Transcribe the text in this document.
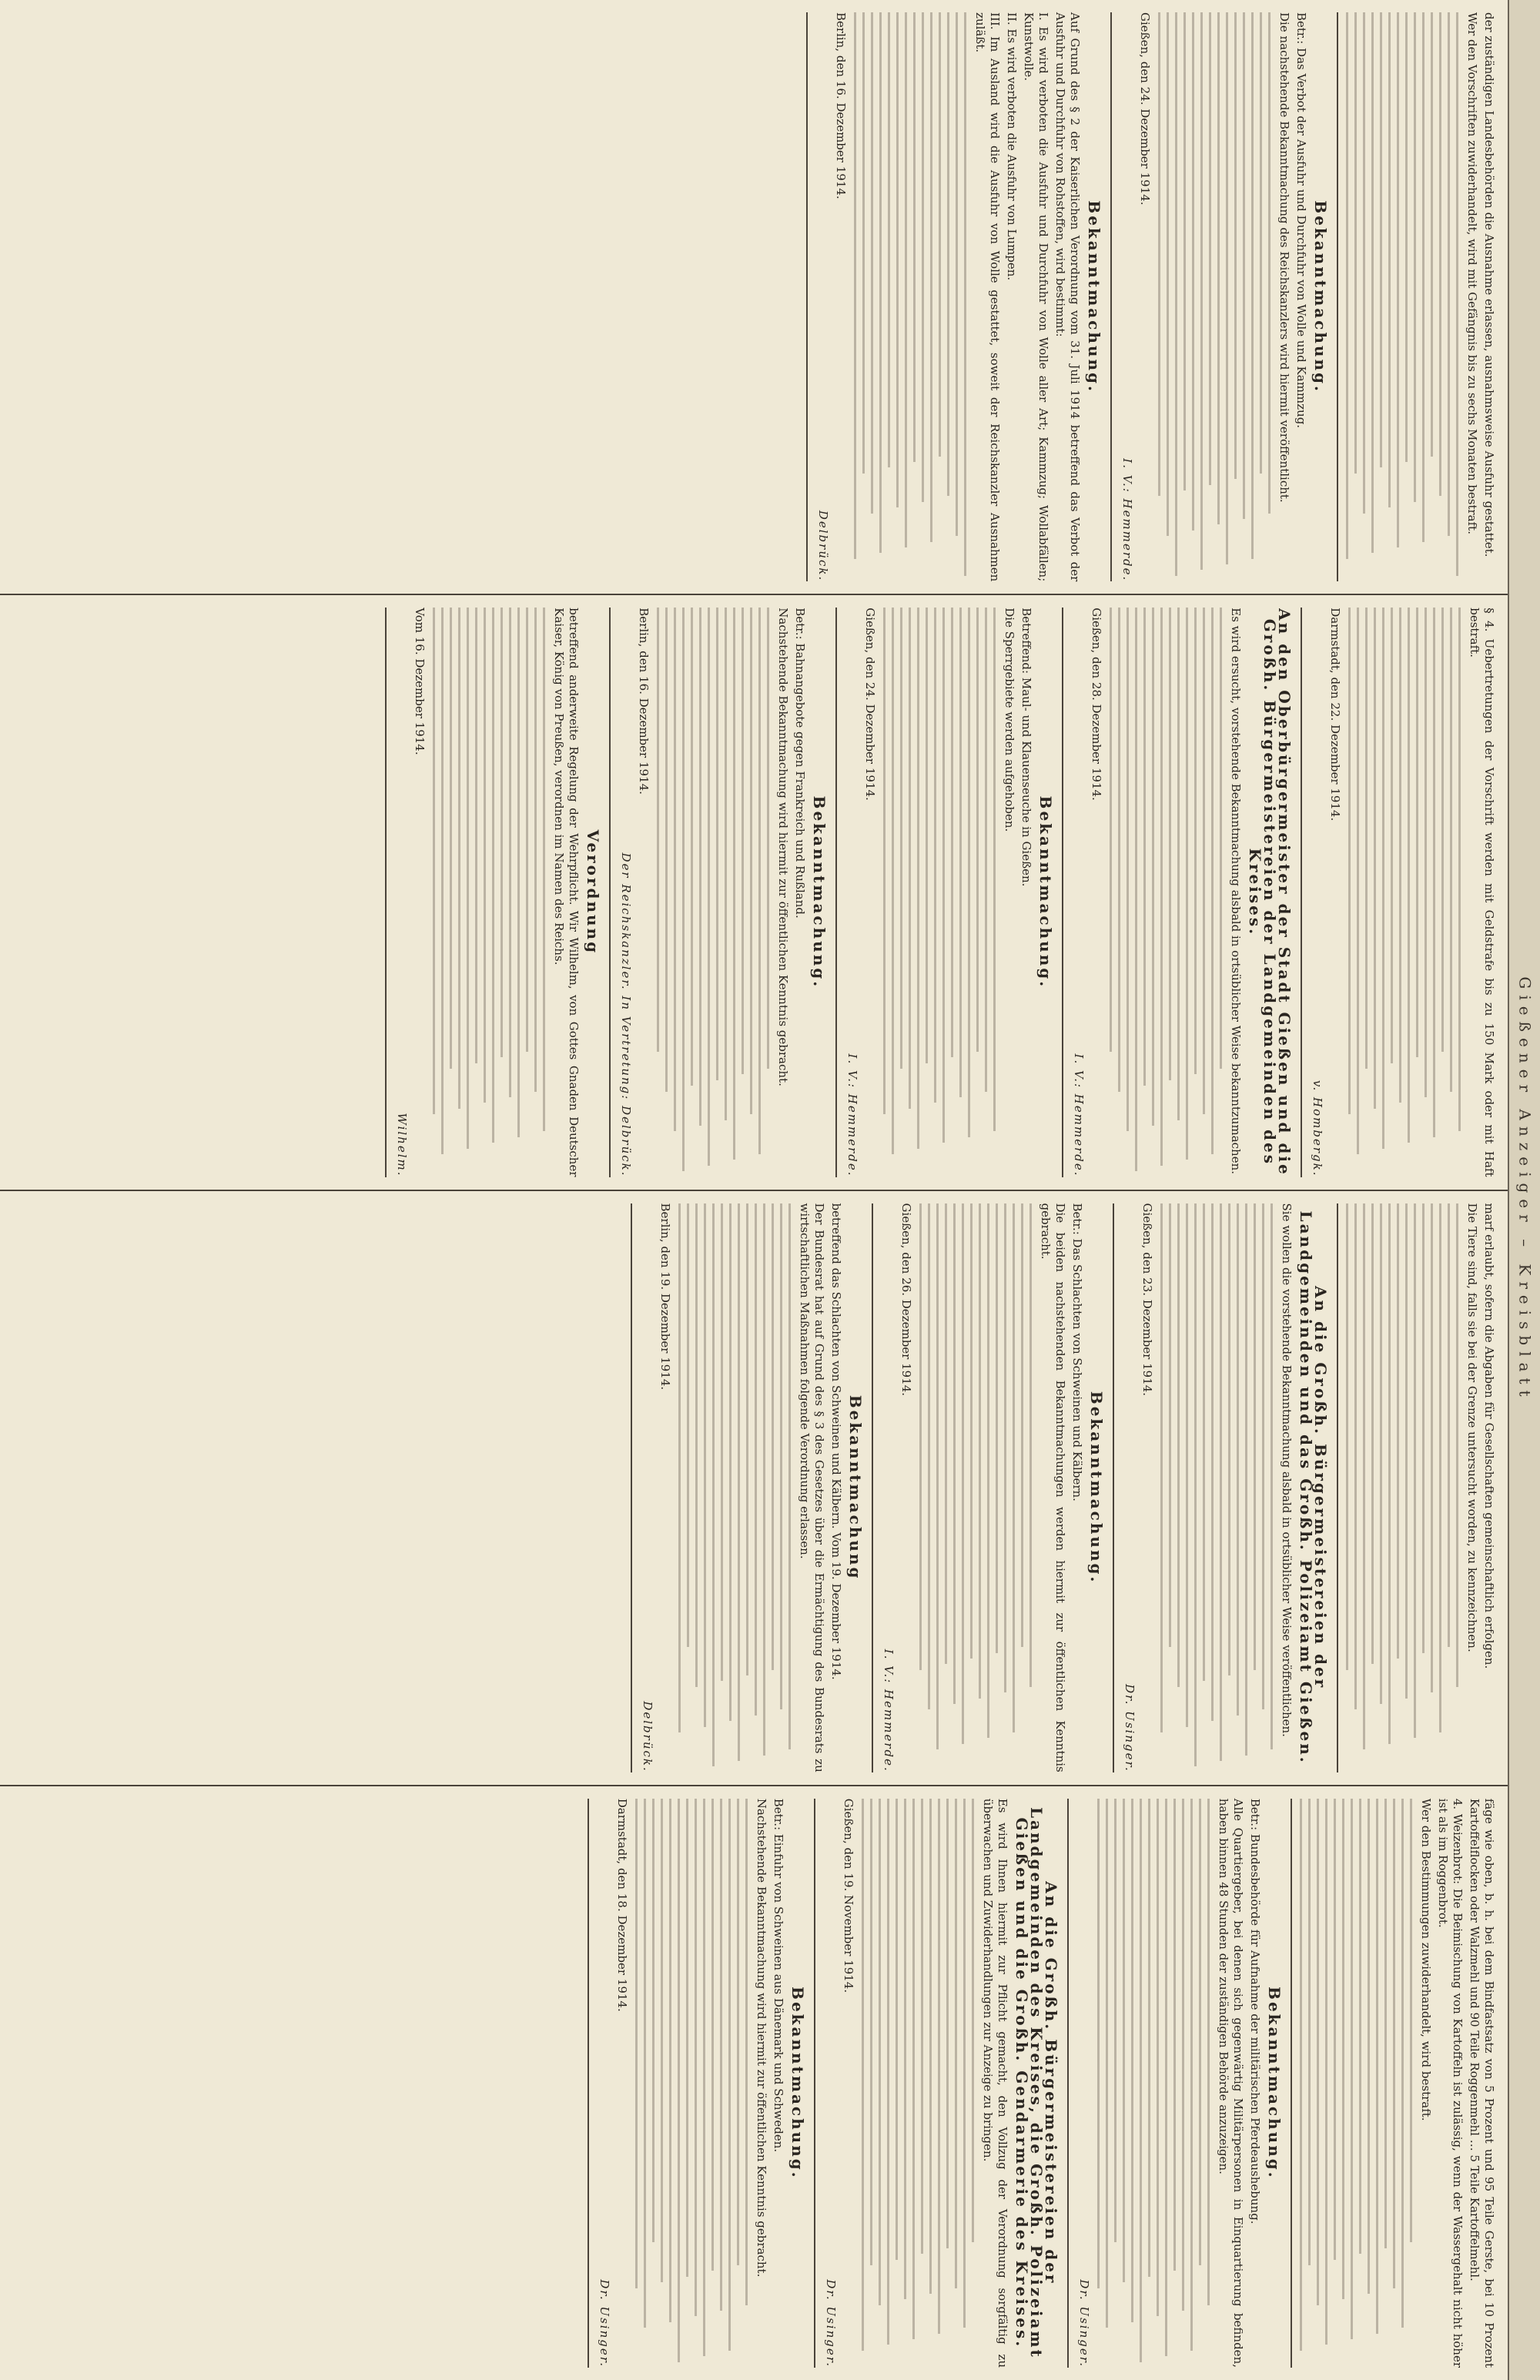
fäge wie oben, b. h. bei dem Bindfastsatz von 5 Prozent und 95 Teile Gerste, bei 10 Prozent Kartoffelflocken oder Walzmehl und 90 Teile Roggenmehl … 5 Teile Kartoffelmehl.

4. Weizenbrot: Die Beimischung von Kartoffeln ist zulässig, wenn der Wassergehalt nicht höher ist als im Roggenbrot.

Wer den Bestimmungen zuwiderhandelt, wird bestraft.

Bekanntmachung.

Betr.: Bundesbehörde für Aufnahme der militärischen Pferdeaushebung.

Alle Quartiergeber, bei denen sich gegenwärtig Militärpersonen in Einquartierung befinden, haben binnen 48 Stunden der zuständigen Behörde anzuzeigen.

Dr. Usinger.
An die Großh. Bürgermeistereien der Landgemeinden des Kreises, die Großh. Polizeiamt Gießen und die Großh. Gendarmerie des Kreises.

Es wird Ihnen hiermit zur Pflicht gemacht, den Vollzug der Verordnung sorgfältig zu überwachen und Zuwiderhandlungen zur Anzeige zu bringen.

Gießen, den 19. November 1914.
Dr. Usinger.
Bekanntmachung.

Betr.: Einfuhr von Schweinen aus Dänemark und Schweden.

Nachstehende Bekanntmachung wird hiermit zur öffentlichen Kenntnis gebracht.

Darmstadt, den 18. Dezember 1914.
Dr. Usinger.

marf erlaubt, sofern die Abgaben für Gesellschaften gemeinschaftlich erfolgen.

Die Tiere sind, falls sie bei der Grenze untersucht worden, zu kennzeichnen.

An die Großh. Bürgermeistereien der Landgemeinden und das Großh. Polizeiamt Gießen.

Sie wollen die vorstehende Bekanntmachung alsbald in ortsüblicher Weise veröffentlichen.

Gießen, den 23. Dezember 1914.
Dr. Usinger.
Bekanntmachung.

Betr.: Das Schlachten von Schweinen und Kälbern.

Die beiden nachstehenden Bekanntmachungen werden hiermit zur öffentlichen Kenntnis gebracht.

Gießen, den 26. Dezember 1914.
I. V.: Hemmerde.
Bekanntmachung

betreffend das Schlachten von Schweinen und Kälbern. Vom 19. Dezember 1914.

Der Bundesrat hat auf Grund des § 3 des Gesetzes über die Ermächtigung des Bundesrats zu wirtschaftlichen Maßnahmen folgende Verordnung erlassen.

Berlin, den 19. Dezember 1914.
Delbrück.

§ 4. Uebertretungen der Vorschrift werden mit Geldstrafe bis zu 150 Mark oder mit Haft bestraft.

Darmstadt, den 22. Dezember 1914.
v. Hombergk.
An den Oberbürgermeister der Stadt Gießen und die Großh. Bürgermeistereien der Landgemeinden des Kreises.

Es wird ersucht, vorstehende Bekanntmachung alsbald in ortsüblicher Weise bekanntzumachen.

Gießen, den 28. Dezember 1914.
I. V.: Hemmerde.
Bekanntmachung.

Betreffend: Maul- und Klauenseuche in Gießen.

Die Sperrgebiete werden aufgehoben.

Gießen, den 24. Dezember 1914.
I. V.: Hemmerde.
Bekanntmachung.

Betr.: Bahnangebote gegen Frankreich und Rußland.

Nachstehende Bekanntmachung wird hiermit zur öffentlichen Kenntnis gebracht.

Berlin, den 16. Dezember 1914.
Der Reichskanzler. In Vertretung: Delbrück.
Verordnung

betreffend anderweite Regelung der Wehrpflicht. Wir Wilhelm, von Gottes Gnaden Deutscher Kaiser, König von Preußen, verordnen im Namen des Reichs.

Vom 16. Dezember 1914.
Wilhelm.

der zuständigen Landesbehörden die Ausnahme erlassen, ausnahmsweise Ausfuhr gestattet.

Wer den Vorschriften zuwiderhandelt, wird mit Gefängnis bis zu sechs Monaten bestraft.

Bekanntmachung.

Betr.: Das Verbot der Ausfuhr und Durchfuhr von Wolle und Kammzug.

Die nachstehende Bekanntmachung des Reichskanzlers wird hiermit veröffentlicht.

Gießen, den 24. Dezember 1914.
I. V.: Hemmerde.
Bekanntmachung.

Auf Grund des § 2 der Kaiserlichen Verordnung vom 31. Juli 1914 betreffend das Verbot der Ausfuhr und Durchfuhr von Rohstoffen, wird bestimmt:

I. Es wird verboten die Ausfuhr und Durchfuhr von Wolle aller Art; Kammzug; Wollabfällen; Kunstwolle.

II. Es wird verboten die Ausfuhr von Lumpen.

III. Im Ausland wird die Ausfuhr von Wolle gestattet, soweit der Reichskanzler Ausnahmen zuläßt.

Berlin, den 16. Dezember 1914.
Delbrück.
Gießener Anzeiger – Kreisblatt
